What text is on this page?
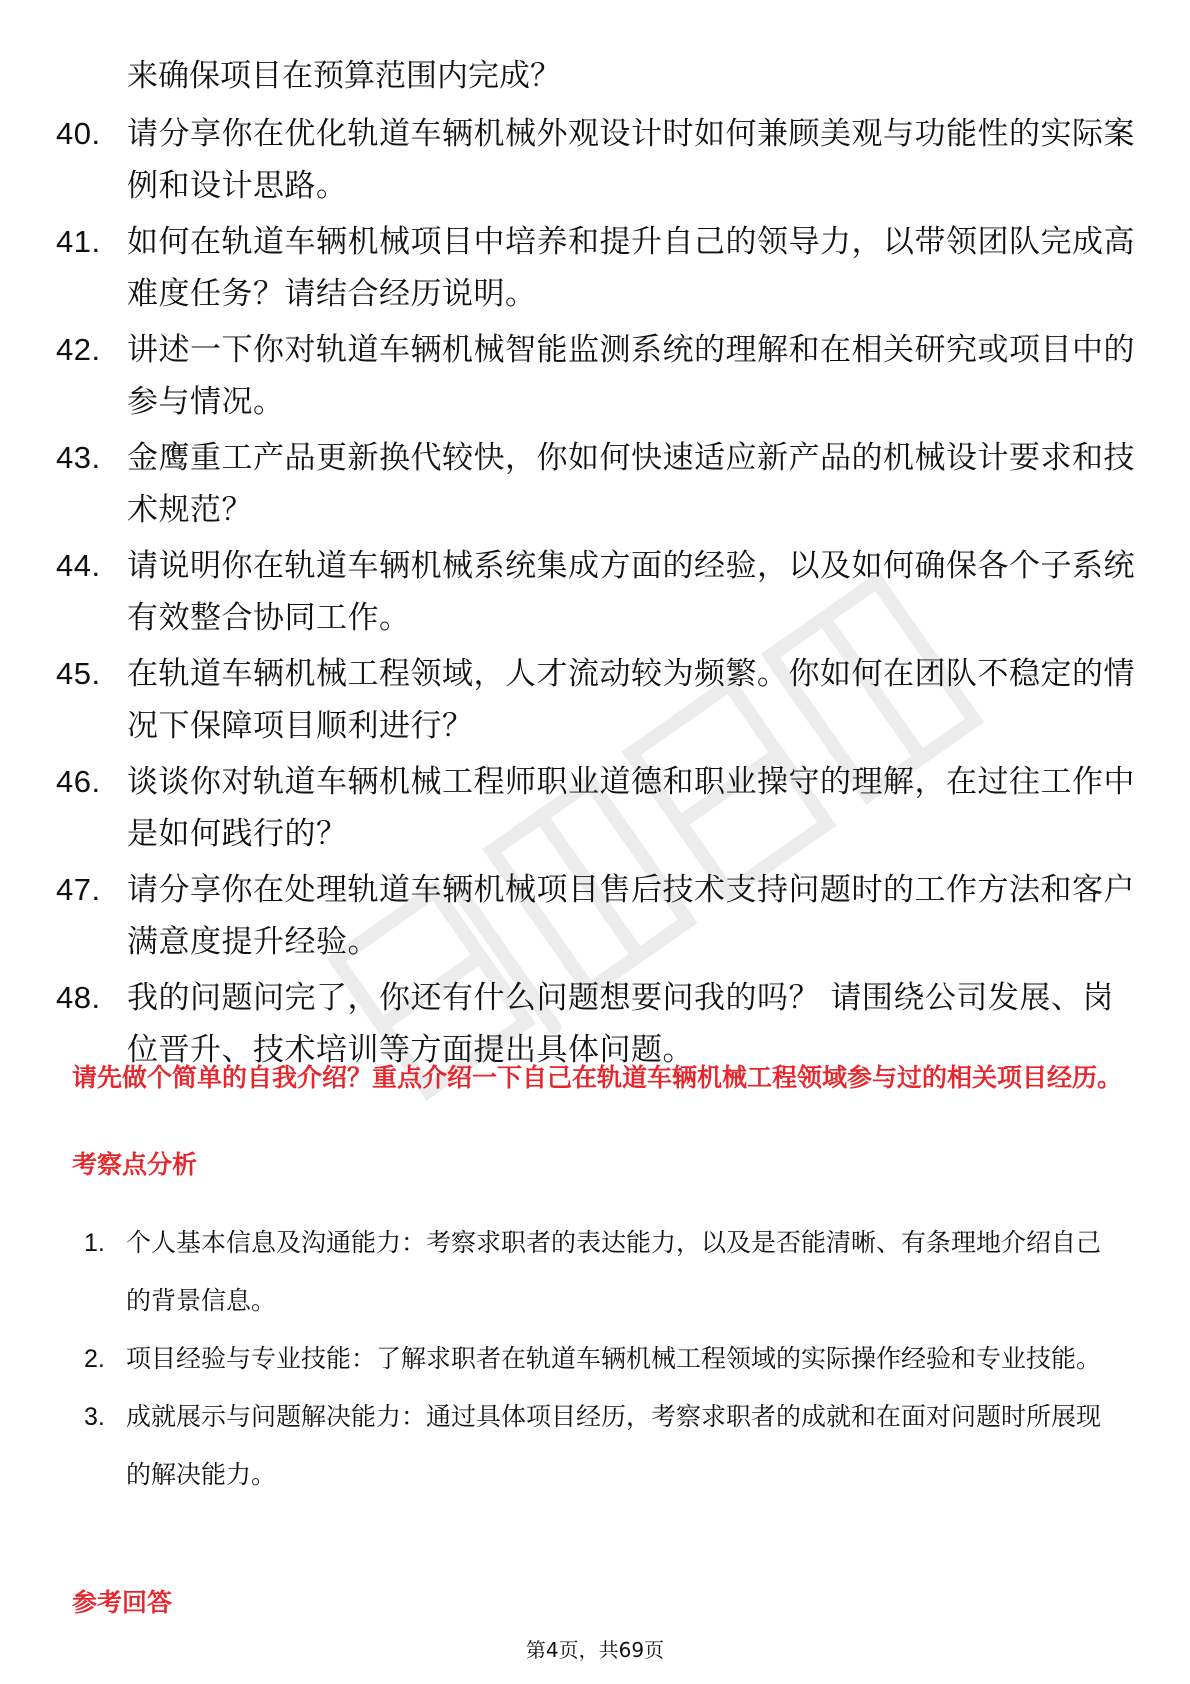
来确保项目在预算范围内完成？
40. 请分享你在优化轨道车辆机械外观设计时如何兼顾美观与功能性的实际案例和设计思路。
41. 如何在轨道车辆机械项目中培养和提升自己的领导力，以带领团队完成高难度任务？请结合经历说明。
42. 讲述一下你对轨道车辆机械智能监测系统的理解和在相关研究或项目中的参与情况。
43. 金鹰重工产品更新换代较快，你如何快速适应新产品的机械设计要求和技术规范？
44. 请说明你在轨道车辆机械系统集成方面的经验，以及如何确保各个子系统有效整合协同工作。
45. 在轨道车辆机械工程领域，人才流动较为频繁。你如何在团队不稳定的情况下保障项目顺利进行？
46. 谈谈你对轨道车辆机械工程师职业道德和职业操守的理解，在过往工作中是如何践行的？
47. 请分享你在处理轨道车辆机械项目售后技术支持问题时的工作方法和客户满意度提升经验。
48. 我的问题问完了，你还有什么问题想要问我的吗？ 请围绕公司发展、岗位晋升、技术培训等方面提出具体问题。
请先做个简单的自我介绍？重点介绍一下自己在轨道车辆机械工程领域参与过的相关项目经历。
考察点分析
1. 个人基本信息及沟通能力：考察求职者的表达能力，以及是否能清晰、有条理地介绍自己的背景信息。
2. 项目经验与专业技能：了解求职者在轨道车辆机械工程领域的实际操作经验和专业技能。
3. 成就展示与问题解决能力：通过具体项目经历，考察求职者的成就和在面对问题时所展现的解决能力。
参考回答
第4页，共69页
